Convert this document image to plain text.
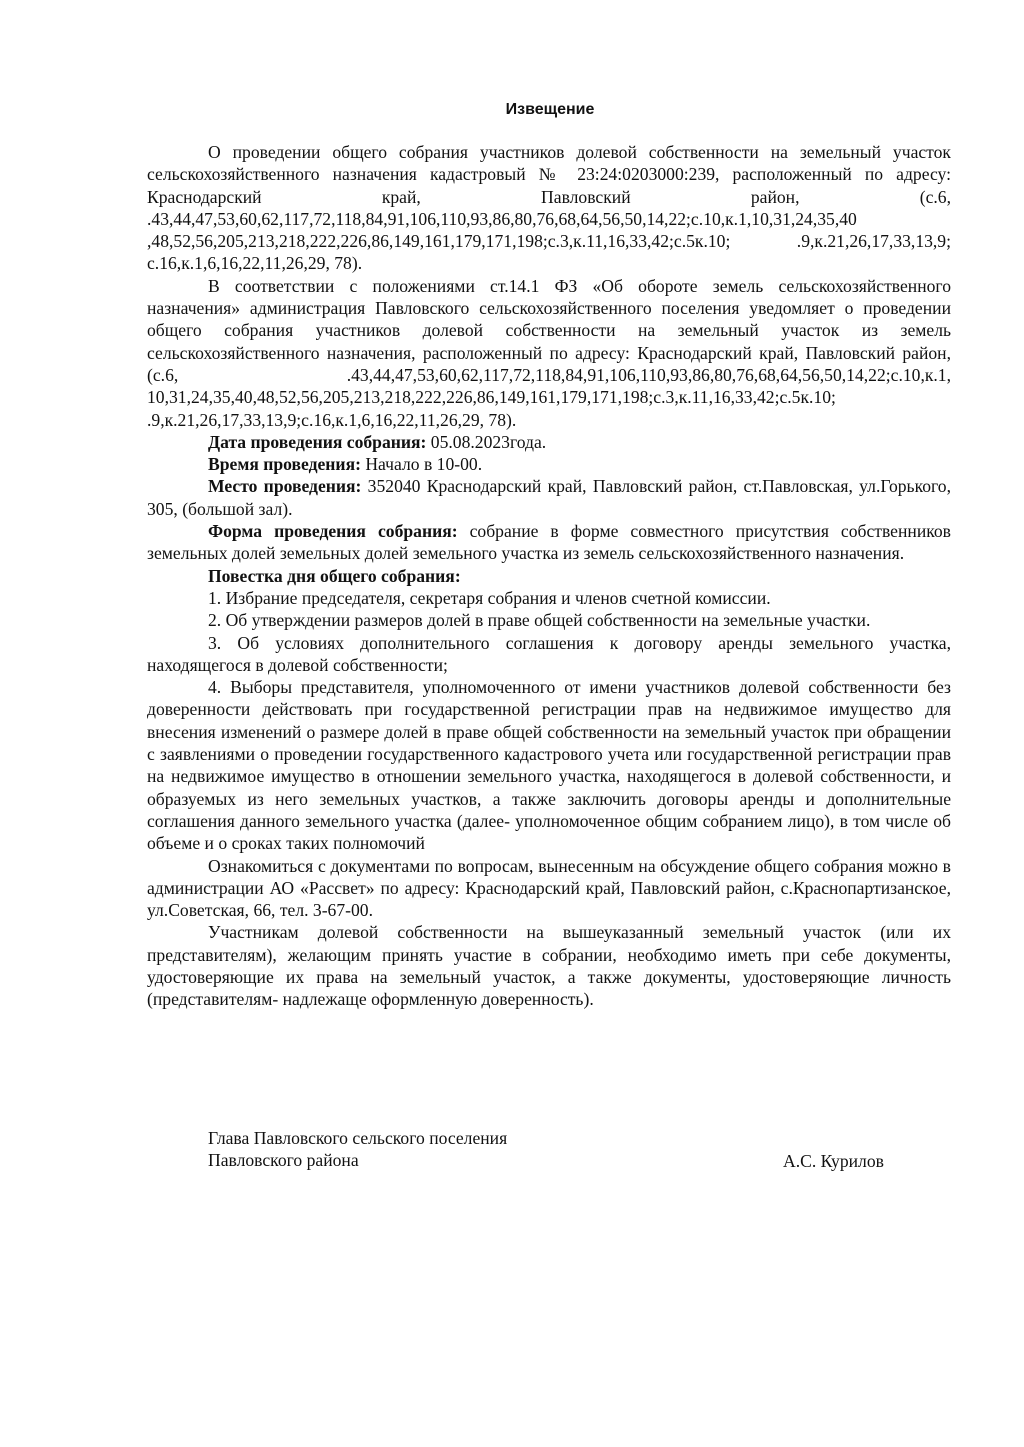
Извещение

О проведении общего собрания участников долевой собственности на земельный участок сельскохозяйственного назначения кадастровый № 23:24:0203000:239, расположенный по адресу: Краснодарский край, Павловский район, (с.6, .43,44,47,53,60,62,117,72,118,84,91,106,110,93,86,80,76,68,64,56,50,14,22;с.10,к.1,10,31,24,35,40 ,48,52,56,205,213,218,222,226,86,149,161,179,171,198;с.3,к.11,16,33,42;с.5к.10; .9,к.21,26,17,33,13,9; с.16,к.1,6,16,22,11,26,29, 78).

В соответствии с положениями ст.14.1 ФЗ «Об обороте земель сельскохозяйственного назначения» администрация Павловского сельскохозяйственного поселения уведомляет о проведении общего собрания участников долевой собственности на земельный участок из земель сельскохозяйственного назначения, расположенный по адресу: Краснодарский край, Павловский район, (с.6, .43,44,47,53,60,62,117,72,118,84,91,106,110,93,86,80,76,68,64,56,50,14,22;с.10,к.1, 10,31,24,35,40,48,52,56,205,213,218,222,226,86,149,161,179,171,198;с.3,к.11,16,33,42;с.5к.10; .9,к.21,26,17,33,13,9;с.16,к.1,6,16,22,11,26,29, 78).

Дата проведения собрания: 05.08.2023года.

Время проведения: Начало в 10-00.

Место проведения: 352040 Краснодарский край, Павловский район, ст.Павловская, ул.Горького, 305, (большой зал).

Форма проведения собрания: собрание в форме совместного присутствия собственников земельных долей земельных долей земельного участка из земель сельскохозяйственного назначения.

Повестка дня общего собрания:

1. Избрание председателя, секретаря собрания и членов счетной комиссии.

2. Об утверждении размеров долей в праве общей собственности на земельные участки.

3. Об условиях дополнительного соглашения к договору аренды земельного участка, находящегося в долевой собственности;

4. Выборы представителя, уполномоченного от имени участников долевой собственности без доверенности действовать при государственной регистрации прав на недвижимое имущество для внесения изменений о размере долей в праве общей собственности на земельный участок при обращении с заявлениями о проведении государственного кадастрового учета или государственной регистрации прав на недвижимое имущество в отношении земельного участка, находящегося в долевой собственности, и образуемых из него земельных участков, а также заключить договоры аренды и дополнительные соглашения данного земельного участка (далее- уполномоченное общим собранием лицо), в том числе об объеме и о сроках таких полномочий

Ознакомиться с документами по вопросам, вынесенным на обсуждение общего собрания можно в администрации АО «Рассвет» по адресу: Краснодарский край, Павловский район, с.Краснопартизанское, ул.Советская, 66, тел. 3-67-00.

Участникам долевой собственности на вышеуказанный земельный участок (или их представителям), желающим принять участие в собрании, необходимо иметь при себе документы, удостоверяющие их права на земельный участок, а также документы, удостоверяющие личность (представителям- надлежаще оформленную доверенность).

Глава Павловского сельского поселения
Павловского района	А.С. Курилов
